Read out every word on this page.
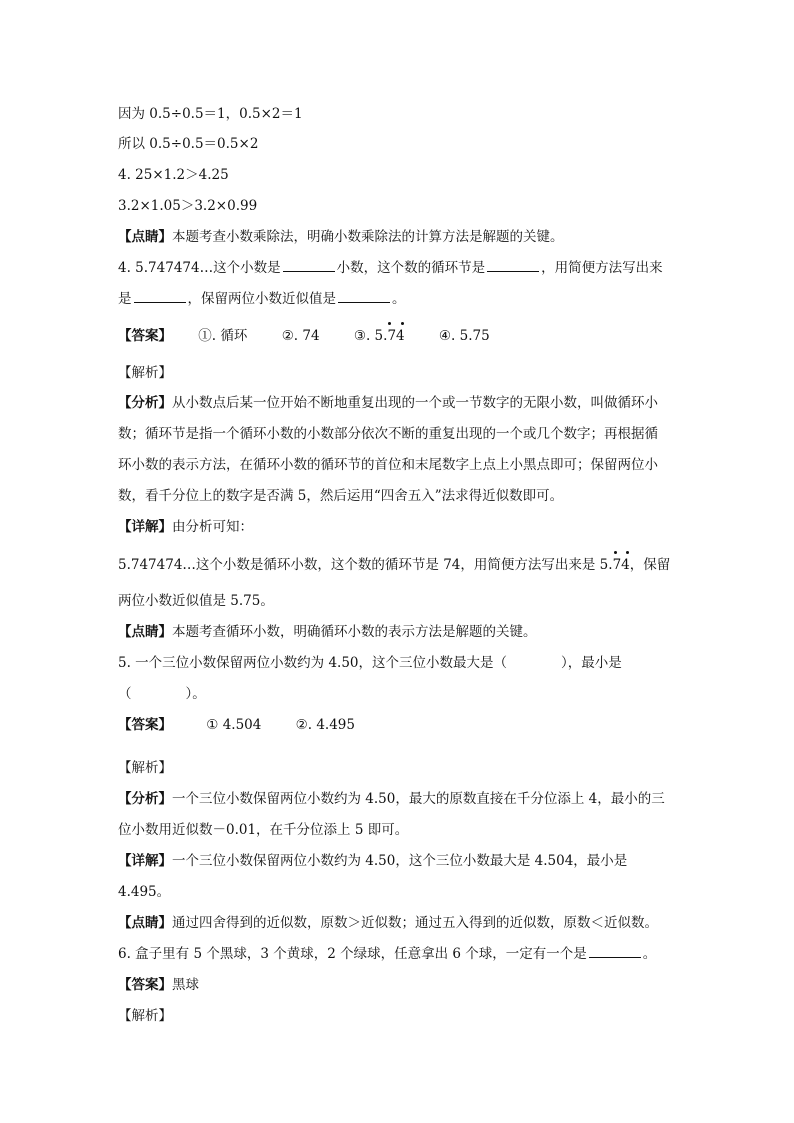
因为 0.5÷0.5＝1，0.5×2＝1
所以 0.5÷0.5＝0.5×2
4. 25×1.2＞4.25
3.2×1.05＞3.2×0.99
【点睛】本题考查小数乘除法，明确小数乘除法的计算方法是解题的关键。
4. 5.747474…这个小数是	小数，这个数的循环节是	，用简便方法写出来
是	，保留两位小数近似值是	。
【答案】 ①. 循环	②. 74	③. 5.
74	④. 5.75
【解析】
【分析】从小数点后某一位开始不断地重复出现的一个或一节数字的无限小数，叫做循环小
数；循环节是指一个循环小数的小数部分依次不断的重复出现的一个或几个数字；再根据循
环小数的表示方法，在循环小数的循环节的首位和末尾数字上点上小黑点即可；保留两位小
数，看千分位上的数字是否满 5，然后运用“四舍五入”法求得近似数即可。
【详解】由分析可知：
5.747474…这个小数是循环小数，这个数的循环节是 74，用简便方法写出来是 5.
74，保留
两位小数近似值是 5.75。
【点睛】本题考查循环小数，明确循环小数的表示方法是解题的关键。
5. 一个三位小数保留两位小数约为 4.50，这个三位小数最大是（　　　　），最小是
（　　　　）。
【答案】	① 4.504	②. 4.495
【解析】
【分析】一个三位小数保留两位小数约为 4.50，最大的原数直接在千分位添上 4，最小的三
位小数用近似数－0.01，在千分位添上 5 即可。
【详解】一个三位小数保留两位小数约为 4.50，这个三位小数最大是 4.504，最小是
4.495。
【点睛】通过四舍得到的近似数，原数＞近似数；通过五入得到的近似数，原数＜近似数。
6. 盒子里有 5 个黑球，3 个黄球，2 个绿球，任意拿出 6 个球，一定有一个是	。
【答案】黑球
【解析】
